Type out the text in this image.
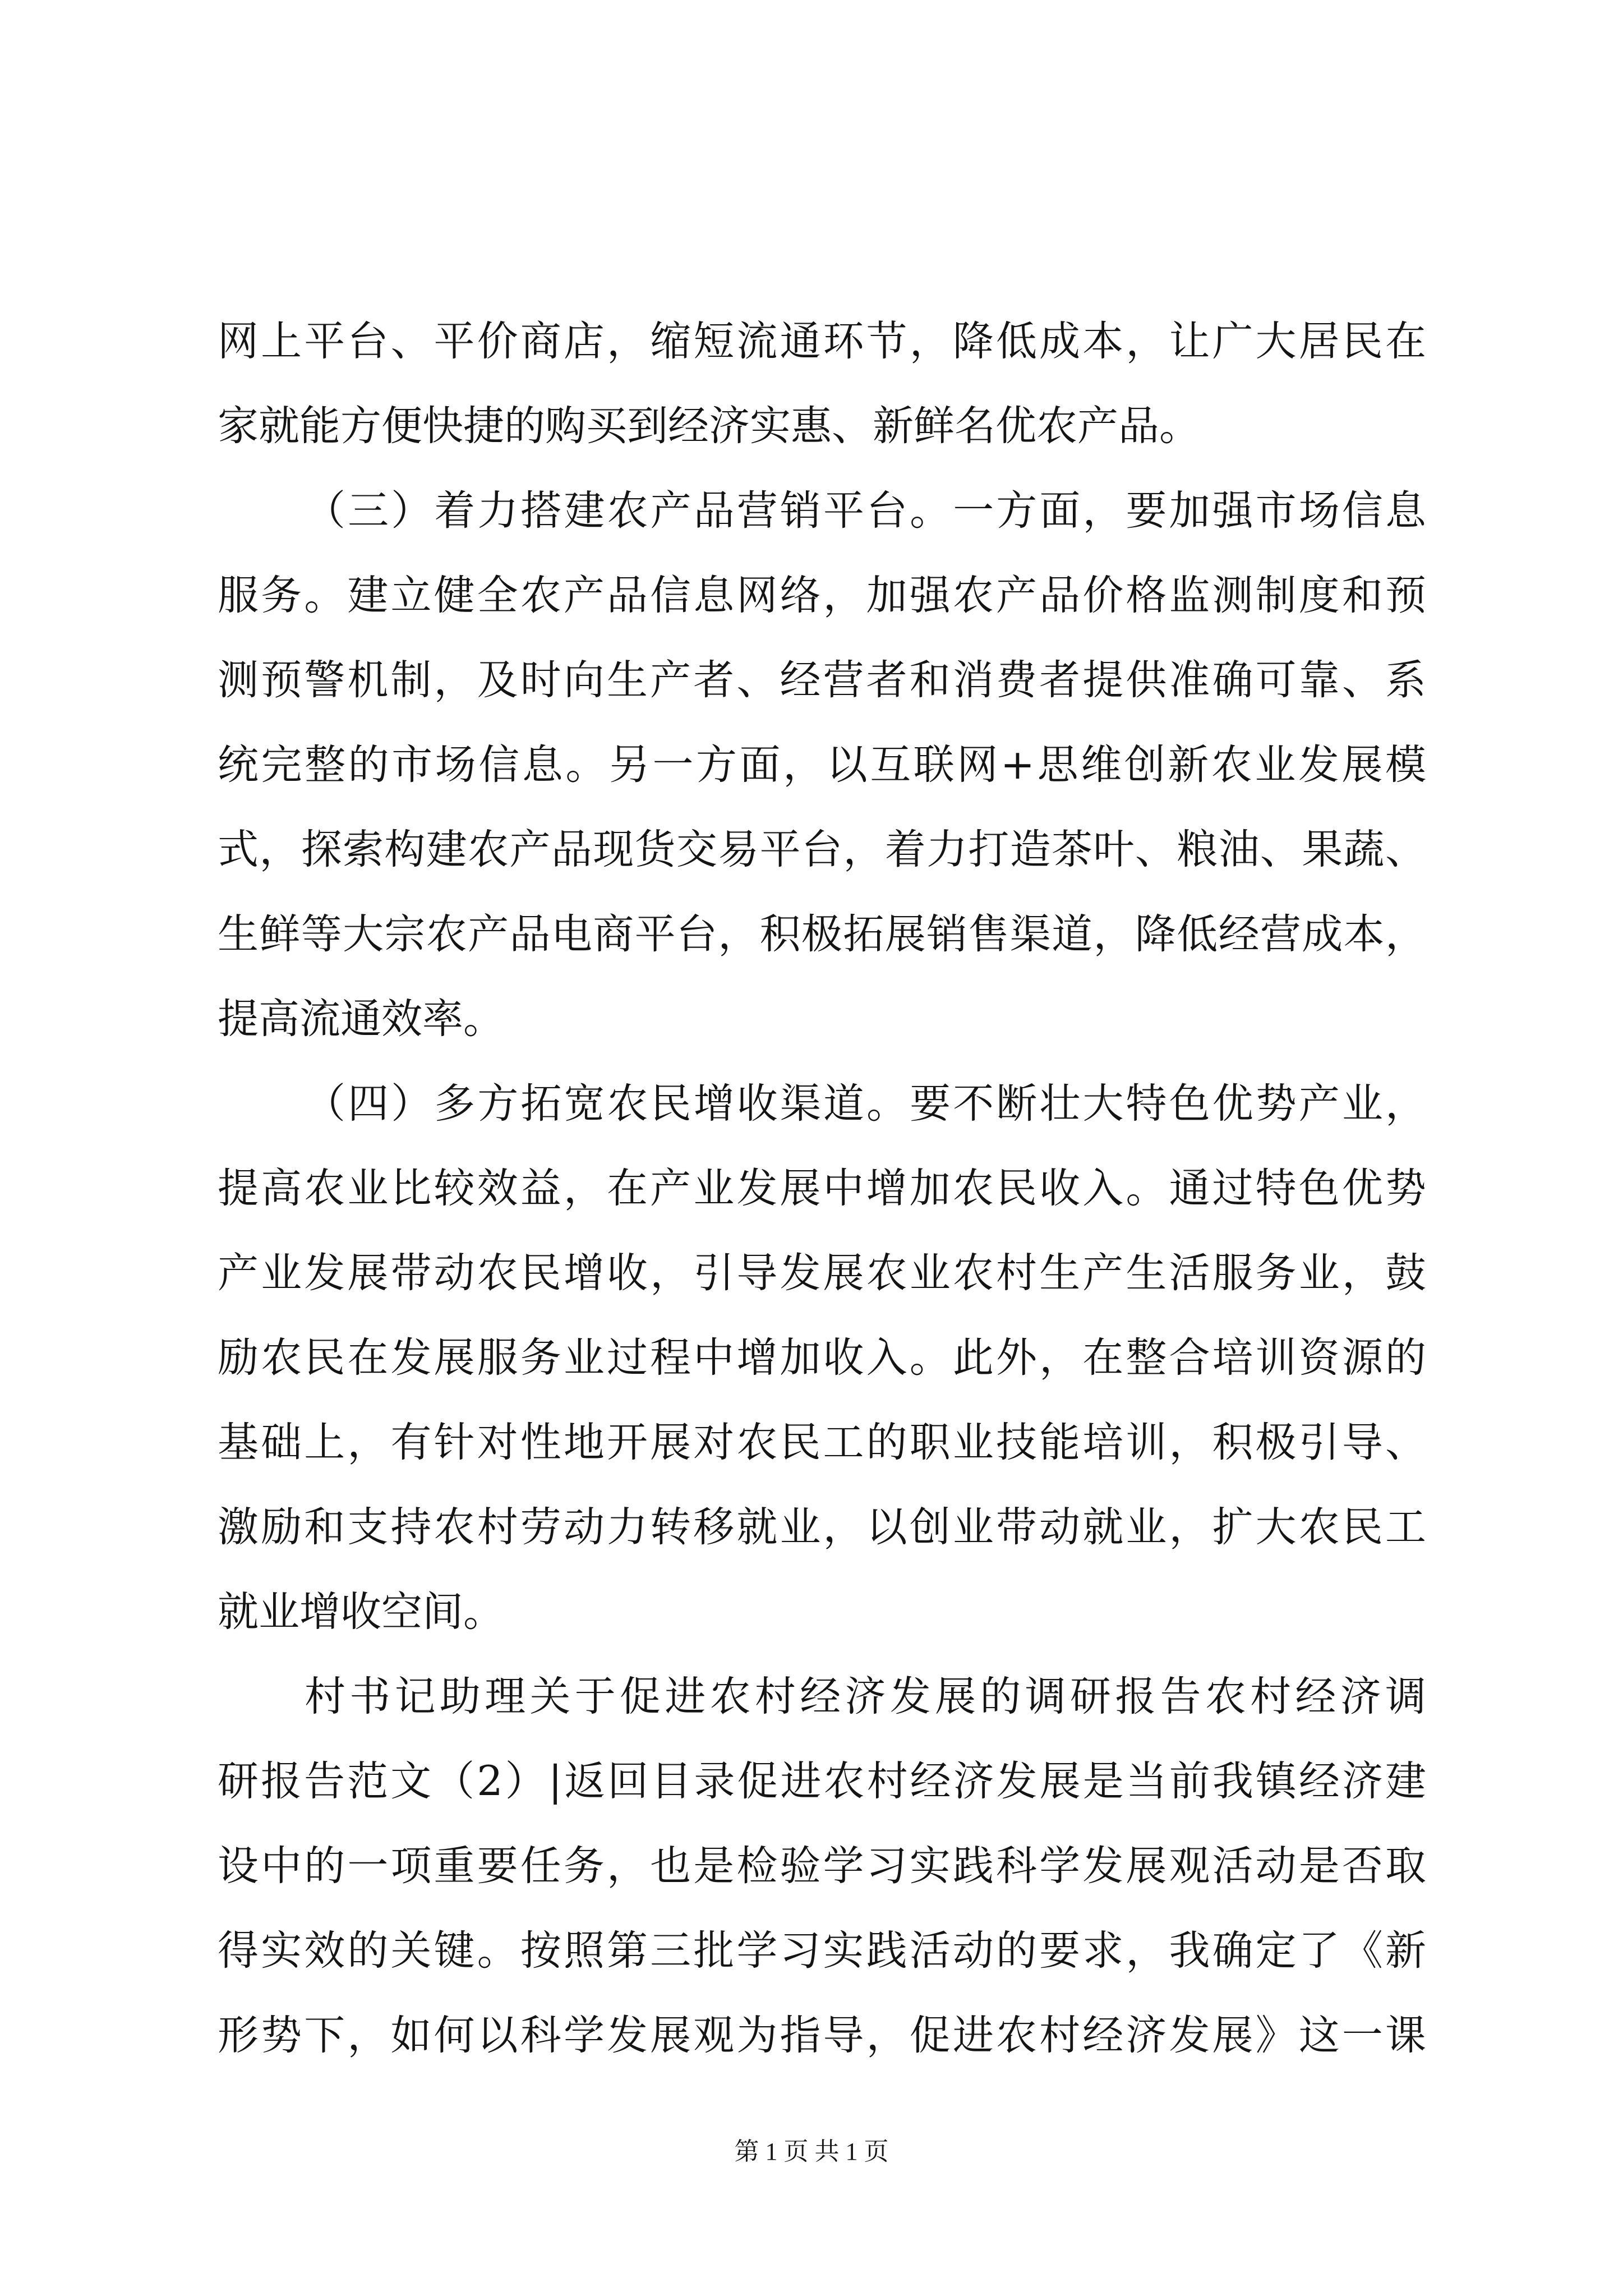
网上平台、平价商店，缩短流通环节，降低成本，让广大居民在
家就能方便快捷的购买到经济实惠、新鲜名优农产品。
（三）着力搭建农产品营销平台。一方面，要加强市场信息
服务。建立健全农产品信息网络，加强农产品价格监测制度和预
测预警机制，及时向生产者、经营者和消费者提供准确可靠、系
统完整的市场信息。另一方面，以互联网+思维创新农业发展模
式，探索构建农产品现货交易平台，着力打造茶叶、粮油、果蔬、
生鲜等大宗农产品电商平台，积极拓展销售渠道，降低经营成本，
提高流通效率。
（四）多方拓宽农民增收渠道。要不断壮大特色优势产业，
提高农业比较效益，在产业发展中增加农民收入。通过特色优势
产业发展带动农民增收，引导发展农业农村生产生活服务业，鼓
励农民在发展服务业过程中增加收入。此外，在整合培训资源的
基础上，有针对性地开展对农民工的职业技能培训，积极引导、
激励和支持农村劳动力转移就业，以创业带动就业，扩大农民工
就业增收空间。
村书记助理关于促进农村经济发展的调研报告农村经济调
研报告范文（2）|返回目录促进农村经济发展是当前我镇经济建
设中的一项重要任务，也是检验学习实践科学发展观活动是否取
得实效的关键。按照第三批学习实践活动的要求，我确定了《新
形势下，如何以科学发展观为指导，促进农村经济发展》这一课
第 1 页 共 1 页
